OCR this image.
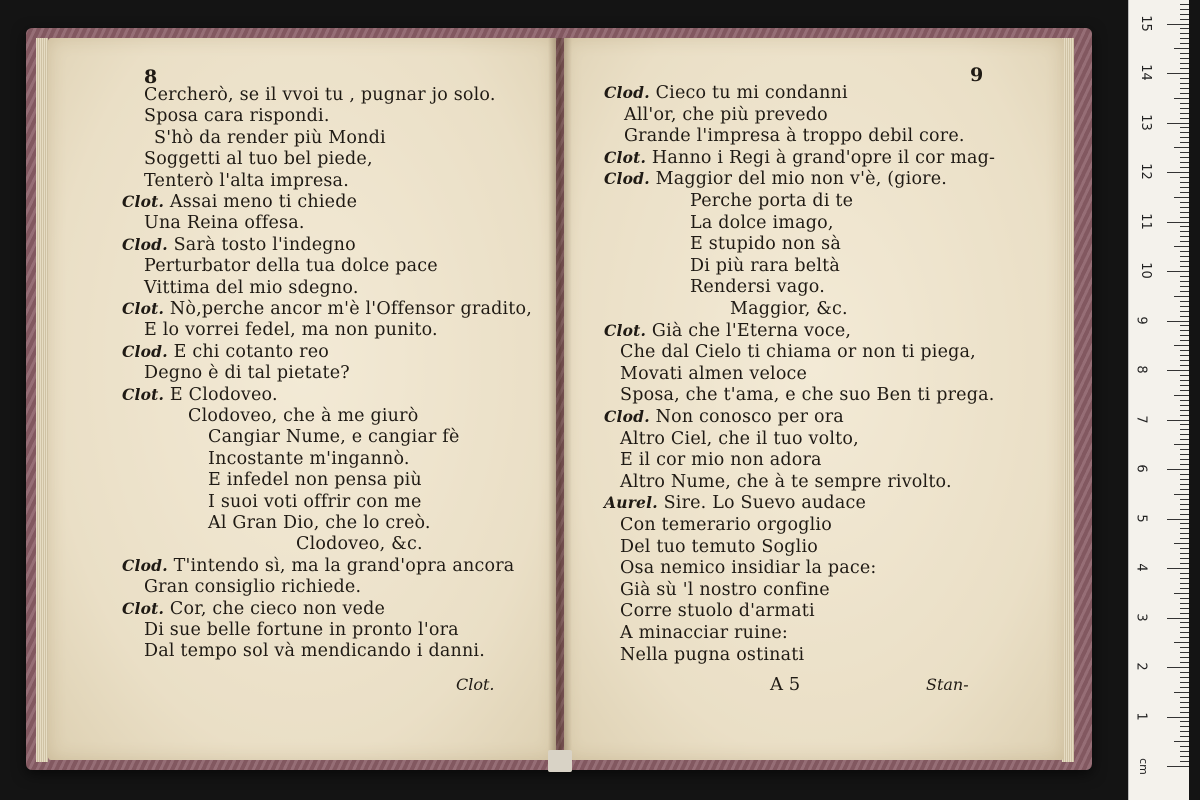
8
Cercherò, se il vvoi tu , pugnar jo solo.
Sposa cara rispondi.
S'hò da render più Mondi
Soggetti al tuo bel piede,
Tenterò l'alta impresa.
Clot. Assai meno ti chiede
Una Reina offesa.
Clod. Sarà tosto l'indegno
Perturbator della tua dolce pace
Vittima del mio sdegno.
Clot. Nò,perche ancor m'è l'Offensor gradito,
E lo vorrei fedel, ma non punito.
Clod. E chi cotanto reo
Degno è di tal pietate?
Clot. E Clodoveo.
Clodoveo, che à me giurò
Cangiar Nume, e cangiar fè
Incostante m'ingannò.
E infedel non pensa più
I suoi voti offrir con me
Al Gran Dio, che lo creò.
Clodoveo, &c.
Clod. T'intendo sì, ma la grand'opra ancora
Gran consiglio richiede.
Clot. Cor, che cieco non vede
Di sue belle fortune in pronto l'ora
Dal tempo sol và mendicando i danni.
Clot.
9
Clod. Cieco tu mi condanni
All'or, che più prevedo
Grande l'impresa à troppo debil core.
Clot. Hanno i Regi à grand'opre il cor mag-
Clod. Maggior del mio non v'è, (giore.
Perche porta di te
La dolce imago,
E stupido non sà
Di più rara beltà
Rendersi vago.
Maggior, &c.
Clot. Già che l'Eterna voce,
Che dal Cielo ti chiama or non ti piega,
Movati almen veloce
Sposa, che t'ama, e che suo Ben ti prega.
Clod. Non conosco per ora
Altro Ciel, che il tuo volto,
E il cor mio non adora
Altro Nume, che à te sempre rivolto.
Aurel. Sire. Lo Suevo audace
Con temerario orgoglio
Del tuo temuto Soglio
Osa nemico insidiar la pace:
Già sù 'l nostro confine
Corre stuolo d'armati
A minacciar ruine:
Nella pugna ostinati
A 5	Stan-
1
2
3
4
5
6
7
8
9
10
11
12
13
14
15
cm
